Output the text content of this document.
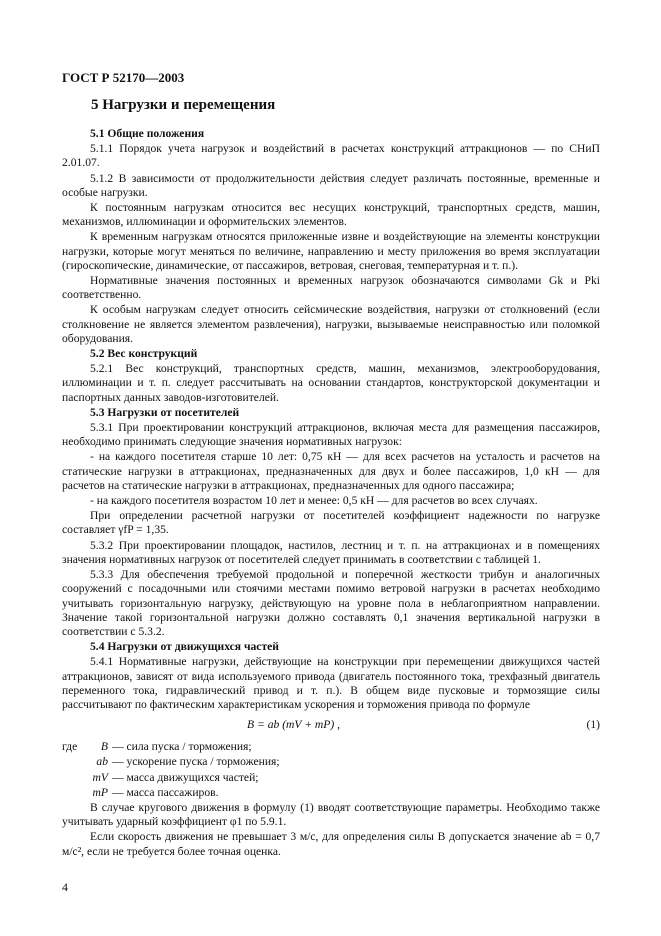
ГОСТ Р 52170—2003
5 Нагрузки и перемещения

5.1 Общие положения

5.1.1 Порядок учета нагрузок и воздействий в расчетах конструкций аттракционов — по СНиП 2.01.07.

5.1.2 В зависимости от продолжительности действия следует различать постоянные, временные и особые нагрузки.

К постоянным нагрузкам относится вес несущих конструкций, транспортных средств, машин, механизмов, иллюминации и оформительских элементов.

К временным нагрузкам относятся приложенные извне и воздействующие на элементы конструкции нагрузки, которые могут меняться по величине, направлению и месту приложения во время эксплуатации (гироскопические, динамические, от пассажиров, ветровая, снеговая, температурная и т. п.).

Нормативные значения постоянных и временных нагрузок обозначаются символами Gk и Pki соответственно.

К особым нагрузкам следует относить сейсмические воздействия, нагрузки от столкновений (если столкновение не является элементом развлечения), нагрузки, вызываемые неисправностью или поломкой оборудования.

5.2 Вес конструкций

5.2.1 Вес конструкций, транспортных средств, машин, механизмов, электрооборудования, иллюминации и т. п. следует рассчитывать на основании стандартов, конструкторской документации и паспортных данных заводов-изготовителей.

5.3 Нагрузки от посетителей

5.3.1 При проектировании конструкций аттракционов, включая места для размещения пассажиров, необходимо принимать следующие значения нормативных нагрузок:

- на каждого посетителя старше 10 лет: 0,75 кН — для всех расчетов на усталость и расчетов на статические нагрузки в аттракционах, предназначенных для двух и более пассажиров, 1,0 кН — для расчетов на статические нагрузки в аттракционах, предназначенных для одного пассажира;

- на каждого посетителя возрастом 10 лет и менее: 0,5 кН — для расчетов во всех случаях.

При определении расчетной нагрузки от посетителей коэффициент надежности по нагрузке составляет γfP = 1,35.

5.3.2 При проектировании площадок, настилов, лестниц и т. п. на аттракционах и в помещениях значения нормативных нагрузок от посетителей следует принимать в соответствии с таблицей 1.

5.3.3 Для обеспечения требуемой продольной и поперечной жесткости трибун и аналогичных сооружений с посадочными или стоячими местами помимо ветровой нагрузки в расчетах необходимо учитывать горизонтальную нагрузку, действующую на уровне пола в неблагоприятном направлении. Значение такой горизонтальной нагрузки должно составлять 0,1 значения вертикальной нагрузки в соответствии с 5.3.2.

5.4 Нагрузки от движущихся частей

5.4.1 Нормативные нагрузки, действующие на конструкции при перемещении движущихся частей аттракционов, зависят от вида используемого привода (двигатель постоянного тока, трехфазный двигатель переменного тока, гидравлический привод и т. п.). В общем виде пусковые и тормозящие силы рассчитывают по фактическим характеристикам ускорения и торможения привода по формуле

B = ab (mV + mP) ,	(1)
где B — сила пуска / торможения;
ab — ускорение пуска / торможения;
mV — масса движущихся частей;
mP — масса пассажиров.

В случае кругового движения в формулу (1) вводят соответствующие параметры. Необходимо также учитывать ударный коэффициент φ1 по 5.9.1.

Если скорость движения не превышает 3 м/с, для определения силы B допускается значение ab = 0,7 м/с², если не требуется более точная оценка.

4
